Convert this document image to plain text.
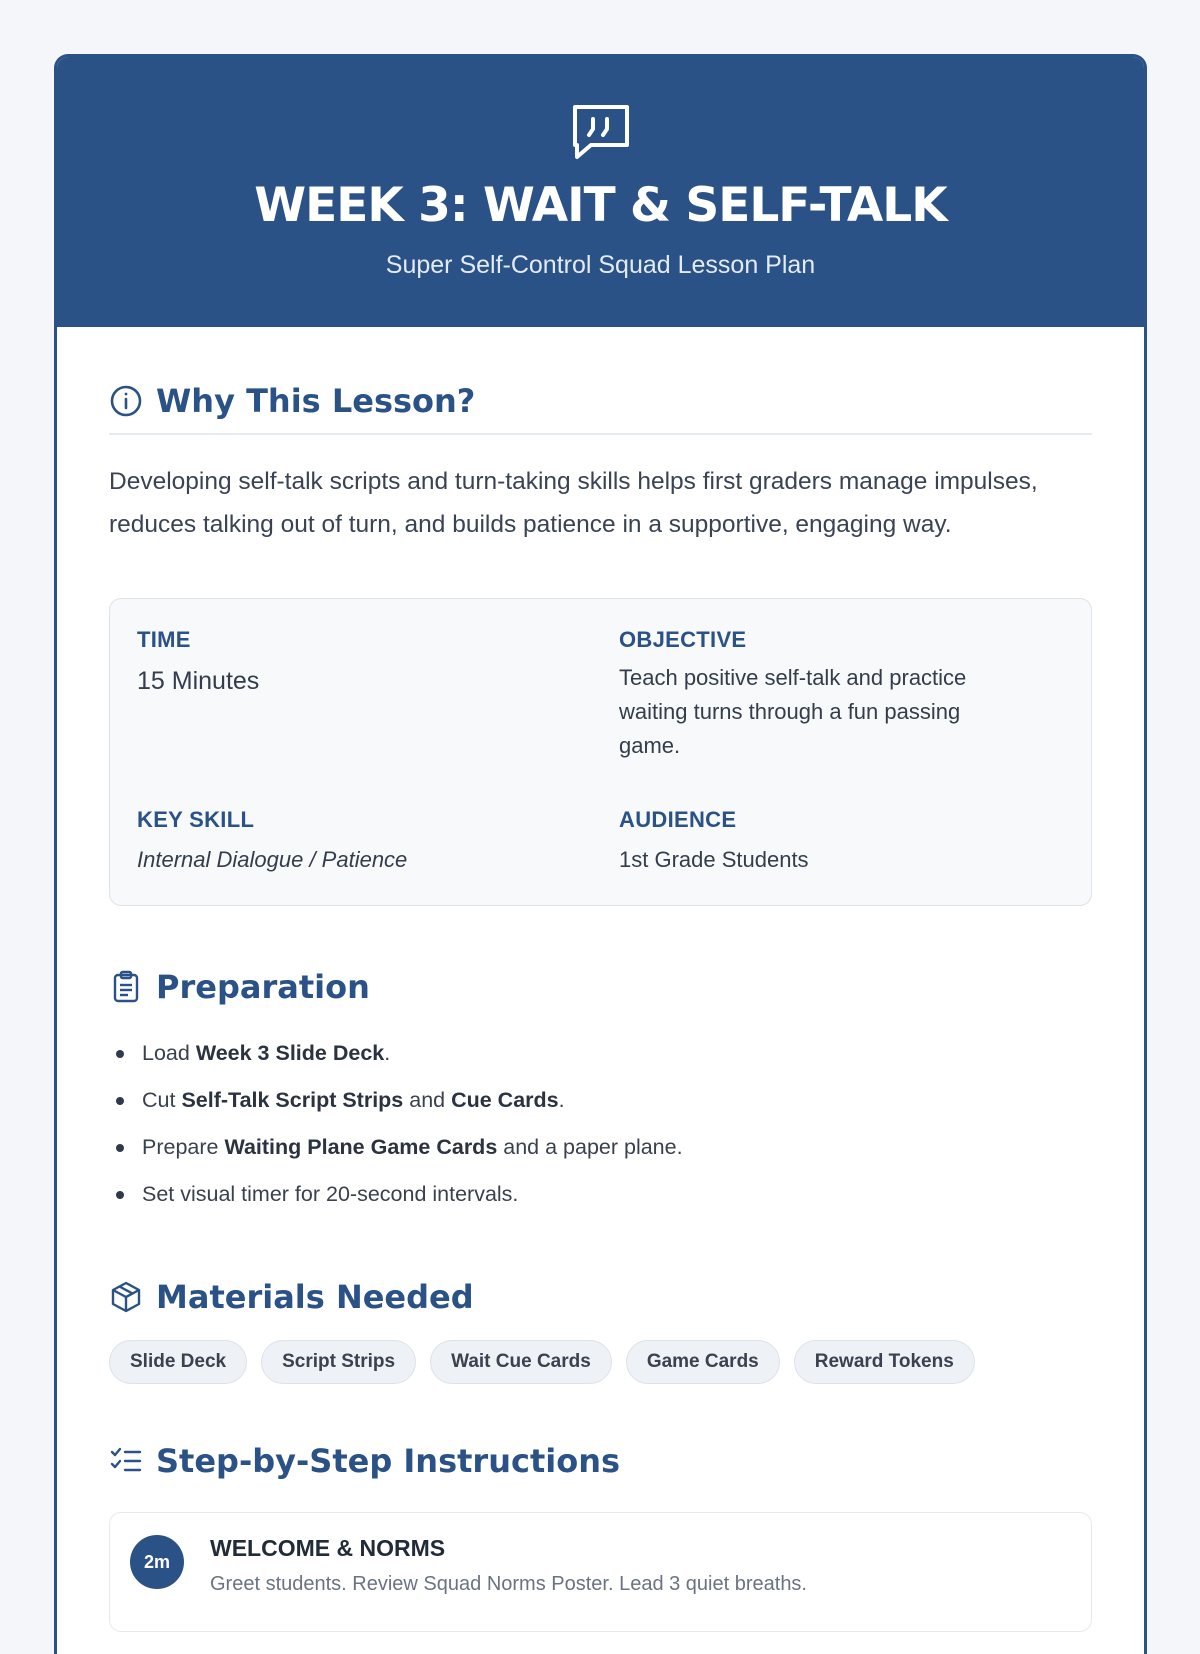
WEEK 3: WAIT & SELF-TALK
Super Self-Control Squad Lesson Plan
Why This Lesson?

Developing self-talk scripts and turn-taking skills helps first graders manage impulses, reduces talking out of turn, and builds patience in a supportive, engaging way.

TIME
15 Minutes
OBJECTIVE
Teach positive self-talk and practice waiting turns through a fun passing game.
KEY SKILL
Internal Dialogue / Patience
AUDIENCE
1st Grade Students
Preparation
Load Week 3 Slide Deck.
Cut Self-Talk Script Strips and Cue Cards.
Prepare Waiting Plane Game Cards and a paper plane.
Set visual timer for 20-second intervals.
Materials Needed
Slide Deck	Script Strips	Wait Cue Cards	Game Cards	Reward Tokens
Step-by-Step Instructions
2m
WELCOME & NORMS
Greet students. Review Squad Norms Poster. Lead 3 quiet breaths.
